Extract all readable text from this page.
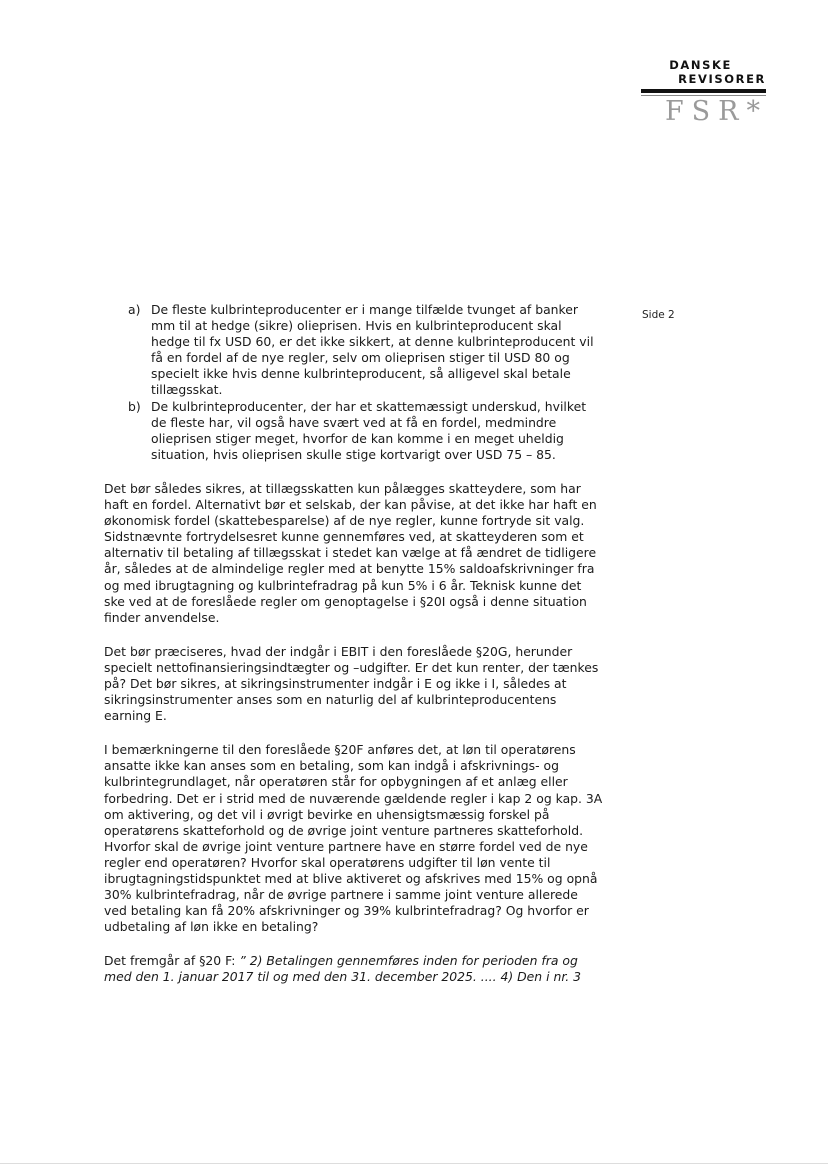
DANSKE
REVISORER
FSR*
Side 2
a) De fleste kulbrinteproducenter er i mange tilfælde tvunget af banker mm til at hedge (sikre) olieprisen. Hvis en kulbrinteproducent skal hedge til fx USD 60, er det ikke sikkert, at denne kulbrinteproducent vil få en fordel af de nye regler, selv om olieprisen stiger til USD 80 og specielt ikke hvis denne kulbrinteproducent, så alligevel skal betale tillægsskat.
b) De kulbrinteproducenter, der har et skattemæssigt underskud, hvilket de fleste har, vil også have svært ved at få en fordel, medmindre olieprisen stiger meget, hvorfor de kan komme i en meget uheldig situation, hvis olieprisen skulle stige kortvarigt over USD 75 – 85.

Det bør således sikres, at tillægsskatten kun pålægges skatteydere, som har haft en fordel. Alternativt bør et selskab, der kan påvise, at det ikke har haft en økonomisk fordel (skattebesparelse) af de nye regler, kunne fortryde sit valg. Sidstnævnte fortrydelsesret kunne gennemføres ved, at skatteyderen som et alternativ til betaling af tillægsskat i stedet kan vælge at få ændret de tidligere år, således at de almindelige regler med at benytte 15% saldoafskrivninger fra og med ibrugtagning og kulbrintefradrag på kun 5% i 6 år. Teknisk kunne det ske ved at de foreslåede regler om genoptagelse i §20I også i denne situation finder anvendelse.

Det bør præciseres, hvad der indgår i EBIT i den foreslåede §20G, herunder specielt nettofinansieringsindtægter og –udgifter. Er det kun renter, der tænkes på? Det bør sikres, at sikringsinstrumenter indgår i E og ikke i I, således at sikringsinstrumenter anses som en naturlig del af kulbrinteproducentens earning E.

I bemærkningerne til den foreslåede §20F anføres det, at løn til operatørens ansatte ikke kan anses som en betaling, som kan indgå i afskrivnings- og kulbrintegrundlaget, når operatøren står for opbygningen af et anlæg eller forbedring. Det er i strid med de nuværende gældende regler i kap 2 og kap. 3A om aktivering, og det vil i øvrigt bevirke en uhensigtsmæssig forskel på operatørens skatteforhold og de øvrige joint venture partneres skatteforhold. Hvorfor skal de øvrige joint venture partnere have en større fordel ved de nye regler end operatøren? Hvorfor skal operatørens udgifter til løn vente til ibrugtagningstidspunktet med at blive aktiveret og afskrives med 15% og opnå 30% kulbrintefradrag, når de øvrige partnere i samme joint venture allerede ved betaling kan få 20% afskrivninger og 39% kulbrintefradrag? Og hvorfor er udbetaling af løn ikke en betaling?

Det fremgår af §20 F: ” 2) Betalingen gennemføres inden for perioden fra og med den 1. januar 2017 til og med den 31. december 2025. .... 4) Den i nr. 3
